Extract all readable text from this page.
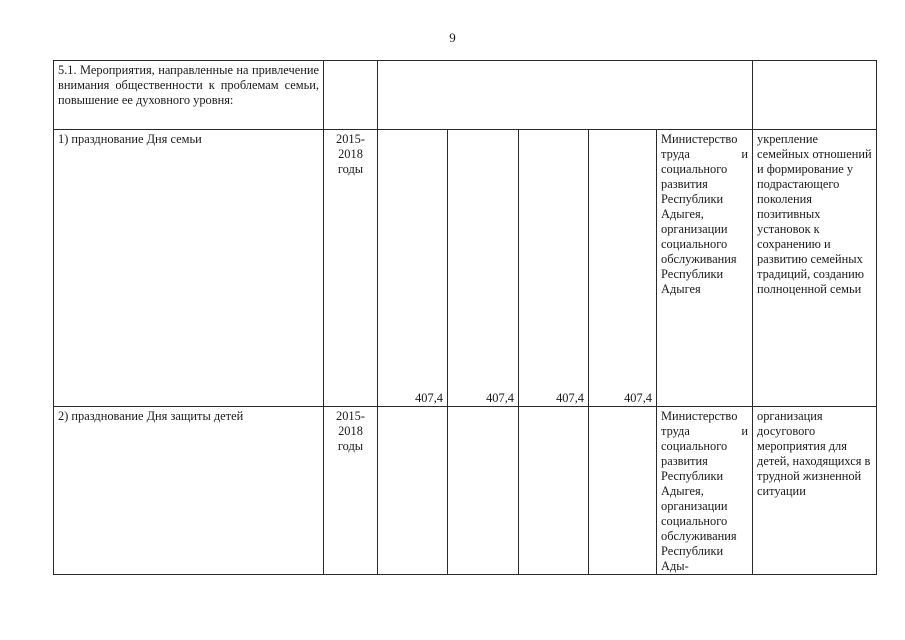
9
5.1. Мероприятия, направленные на привлечение внимания общественности к проблемам семьи, повышение ее духовного уровня:							
1) празднование Дня семьи	2015-
2018
годы	407,4	407,4	407,4	407,4	Министерство труда и социального развития Республики Адыгея, организации социального обслуживания Республики Адыгея	укрепление семейных отношений и формирование у подрастающего поколения позитивных установок к сохранению и развитию семейных традиций, созданию полноценной семьи
2) празднование Дня защиты детей	2015-
2018
годы					Министерство труда и социального развития Республики Адыгея, организации социального обслуживания Республики Ады-	организация досугового мероприятия для детей, находящихся в трудной жизненной ситуации
